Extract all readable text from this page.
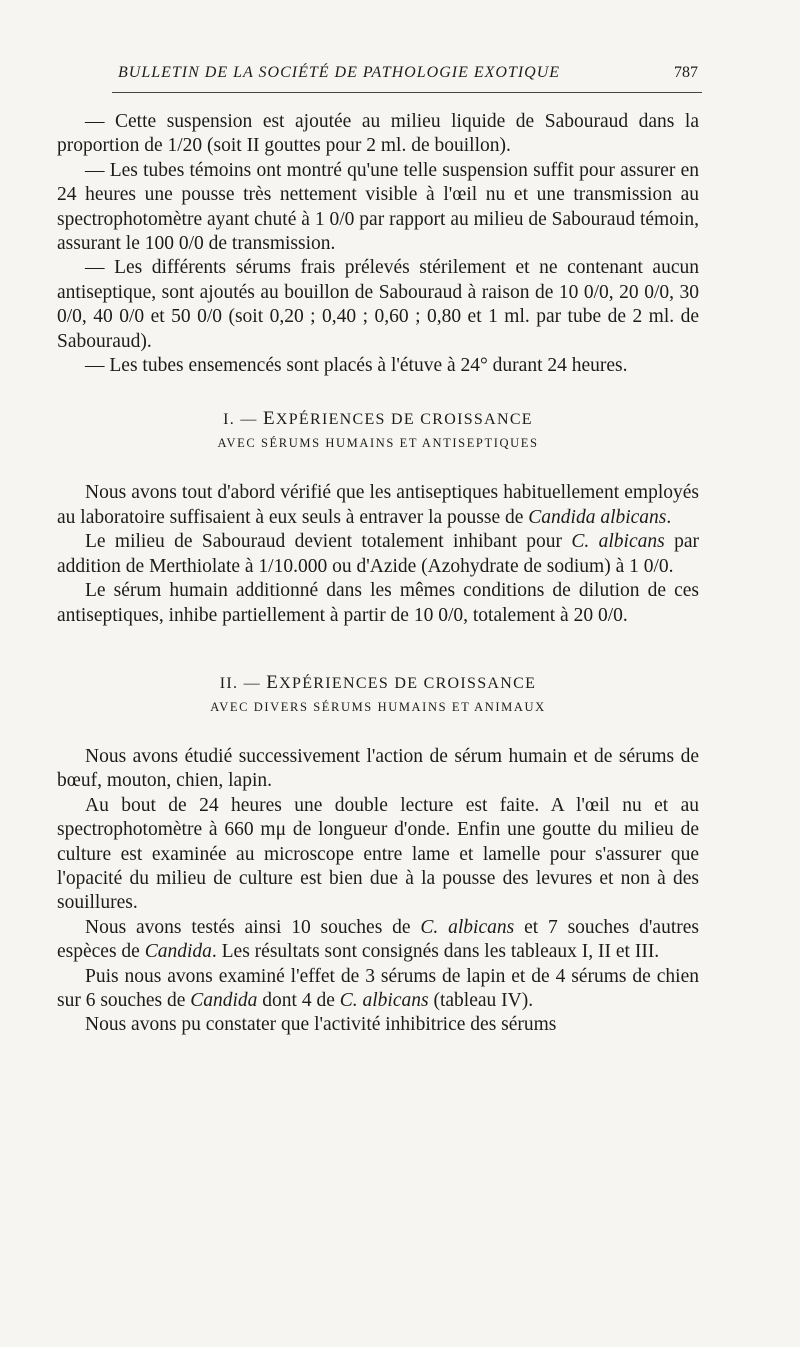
BULLETIN DE LA SOCIÉTÉ DE PATHOLOGIE EXOTIQUE	787

— Cette suspension est ajoutée au milieu liquide de Sabouraud dans la proportion de 1/20 (soit II gouttes pour 2 ml. de bouillon).

— Les tubes témoins ont montré qu'une telle suspension suffit pour assurer en 24 heures une pousse très nettement visible à l'œil nu et une transmission au spectrophotomètre ayant chuté à 1 0/0 par rapport au milieu de Sabouraud témoin, assurant le 100 0/0 de transmission.

— Les différents sérums frais prélevés stérilement et ne contenant aucun antiseptique, sont ajoutés au bouillon de Sabouraud à raison de 10 0/0, 20 0/0, 30 0/0, 40 0/0 et 50 0/0 (soit 0,20 ; 0,40 ; 0,60 ; 0,80 et 1 ml. par tube de 2 ml. de Sabouraud).

— Les tubes ensemencés sont placés à l'étuve à 24° durant 24 heures.

I. — EXPÉRIENCES DE CROISSANCE
AVEC SÉRUMS HUMAINS ET ANTISEPTIQUES

Nous avons tout d'abord vérifié que les antiseptiques habituellement employés au laboratoire suffisaient à eux seuls à entraver la pousse de Candida albicans.

Le milieu de Sabouraud devient totalement inhibant pour C. albicans par addition de Merthiolate à 1/10.000 ou d'Azide (Azohydrate de sodium) à 1 0/0.

Le sérum humain additionné dans les mêmes conditions de dilution de ces antiseptiques, inhibe partiellement à partir de 10 0/0, totalement à 20 0/0.

II. — EXPÉRIENCES DE CROISSANCE
AVEC DIVERS SÉRUMS HUMAINS ET ANIMAUX

Nous avons étudié successivement l'action de sérum humain et de sérums de bœuf, mouton, chien, lapin.

Au bout de 24 heures une double lecture est faite. A l'œil nu et au spectrophotomètre à 660 mμ de longueur d'onde. Enfin une goutte du milieu de culture est examinée au microscope entre lame et lamelle pour s'assurer que l'opacité du milieu de culture est bien due à la pousse des levures et non à des souillures.

Nous avons testés ainsi 10 souches de C. albicans et 7 souches d'autres espèces de Candida. Les résultats sont consignés dans les tableaux I, II et III.

Puis nous avons examiné l'effet de 3 sérums de lapin et de 4 sérums de chien sur 6 souches de Candida dont 4 de C. albicans (tableau IV).

Nous avons pu constater que l'activité inhibitrice des sérums
